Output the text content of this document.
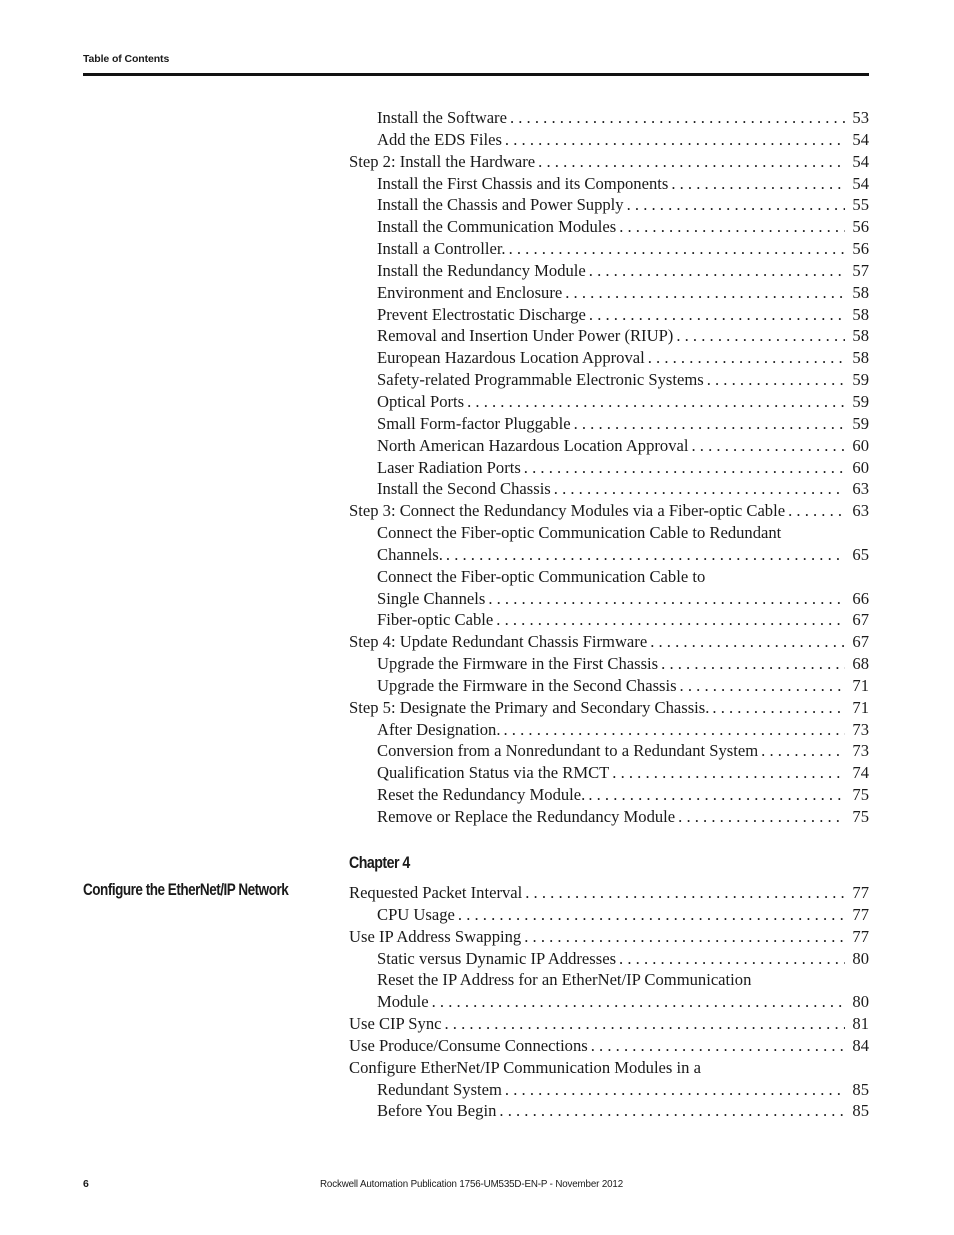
Table of Contents
Install the Software . . .	53
Add the EDS Files . . .	54
Step 2: Install the Hardware . . .	54
Install the First Chassis and its Components . . .	54
Install the Chassis and Power Supply . . .	55
Install the Communication Modules . . .	56
Install a Controller. . . .	56
Install the Redundancy Module . . .	57
Environment and Enclosure . . .	58
Prevent Electrostatic Discharge . . .	58
Removal and Insertion Under Power (RIUP) . . .	58
European Hazardous Location Approval . . .	58
Safety-related Programmable Electronic Systems . . .	59
Optical Ports . . .	59
Small Form-factor Pluggable . . .	59
North American Hazardous Location Approval . . .	60
Laser Radiation Ports . . .	60
Install the Second Chassis . . .	63
Step 3: Connect the Redundancy Modules via a Fiber-optic Cable . . .	63
Connect the Fiber-optic Communication Cable to Redundant
Channels. . . .	65
Connect the Fiber-optic Communication Cable to
Single Channels . . .	66
Fiber-optic Cable . . .	67
Step 4: Update Redundant Chassis Firmware . . .	67
Upgrade the Firmware in the First Chassis . . .	68
Upgrade the Firmware in the Second Chassis . . .	71
Step 5: Designate the Primary and Secondary Chassis. . . .	71
After Designation. . . .	73
Conversion from a Nonredundant to a Redundant System . . .	73
Qualification Status via the RMCT . . .	74
Reset the Redundancy Module. . . .	75
Remove or Replace the Redundancy Module . . .	75
Chapter 4
Configure the EtherNet/IP Network	Requested Packet Interval . . .	77
CPU Usage . . .	77
Use IP Address Swapping . . .	77
Static versus Dynamic IP Addresses . . .	80
Reset the IP Address for an EtherNet/IP Communication
Module . . .	80
Use CIP Sync . . .	81
Use Produce/Consume Connections . . .	84
Configure EtherNet/IP Communication Modules in a
Redundant System . . .	85
Before You Begin . . .	85
6	Rockwell Automation Publication 1756-UM535D-EN-P - November 2012
